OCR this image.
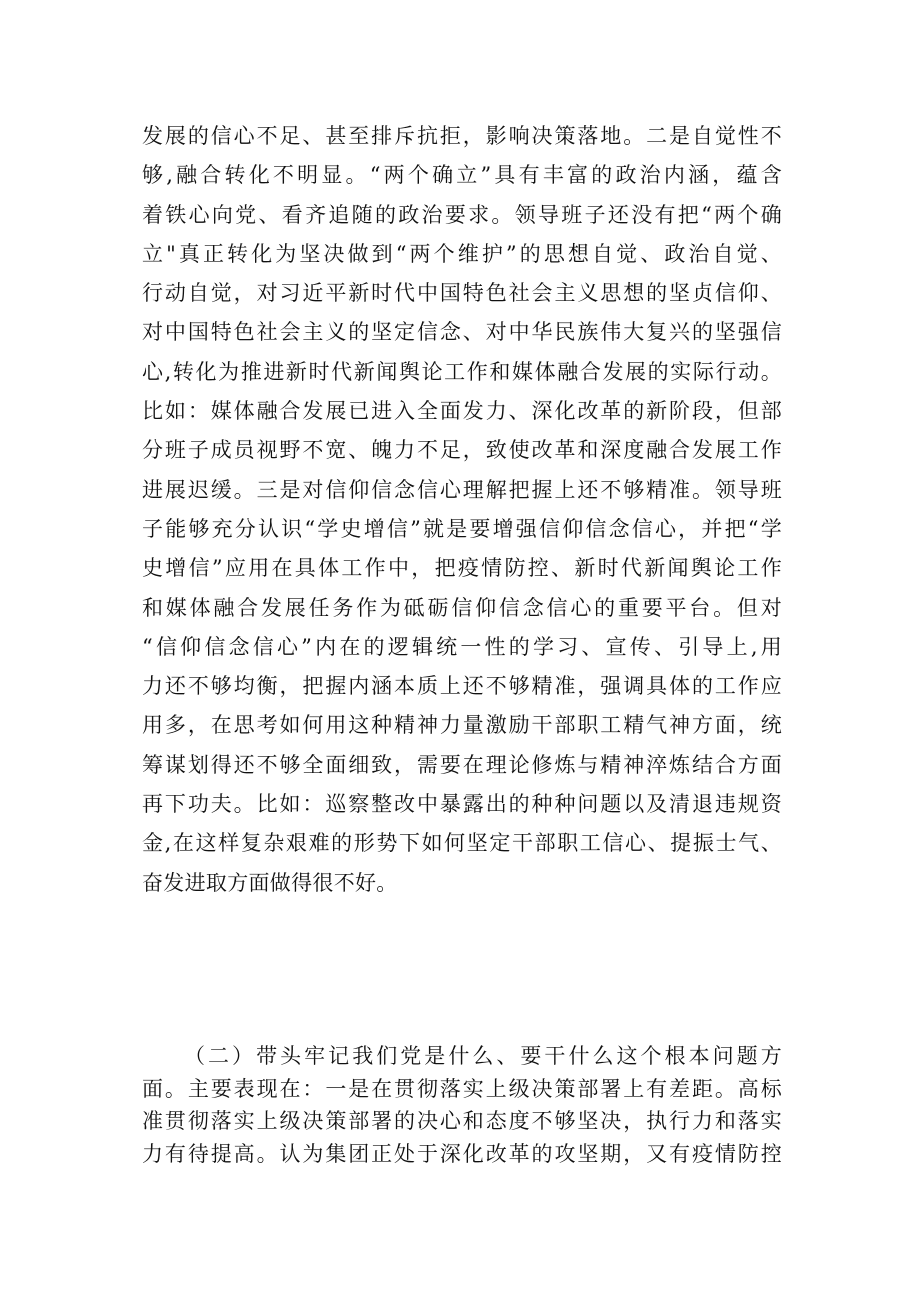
发展的信心不足、甚至排斥抗拒，影响决策落地。二是自觉性不
够,融合转化不明显。“两个确立”具有丰富的政治内涵，蕴含
着铁心向党、看齐追随的政治要求。领导班子还没有把“两个确
立"真正转化为坚决做到“两个维护”的思想自觉、政治自觉、
行动自觉，对习近平新时代中国特色社会主义思想的坚贞信仰、
对中国特色社会主义的坚定信念、对中华民族伟大复兴的坚强信
心,转化为推进新时代新闻舆论工作和媒体融合发展的实际行动。
比如：媒体融合发展已进入全面发力、深化改革的新阶段，但部
分班子成员视野不宽、魄力不足，致使改革和深度融合发展工作
进展迟缓。三是对信仰信念信心理解把握上还不够精准。领导班
子能够充分认识“学史增信”就是要增强信仰信念信心，并把“学
史增信”应用在具体工作中，把疫情防控、新时代新闻舆论工作
和媒体融合发展任务作为砥砺信仰信念信心的重要平台。但对
“信仰信念信心”内在的逻辑统一性的学习、宣传、引导上,用
力还不够均衡，把握内涵本质上还不够精准，强调具体的工作应
用多，在思考如何用这种精神力量激励干部职工精气神方面，统
筹谋划得还不够全面细致，需要在理论修炼与精神淬炼结合方面
再下功夫。比如：巡察整改中暴露出的种种问题以及清退违规资
金,在这样复杂艰难的形势下如何坚定干部职工信心、提振士气、
奋发进取方面做得很不好。
（二）带头牢记我们党是什么、要干什么这个根本问题方
面。主要表现在：一是在贯彻落实上级决策部署上有差距。高标
准贯彻落实上级决策部署的决心和态度不够坚决，执行力和落实
力有待提高。认为集团正处于深化改革的攻坚期，又有疫情防控
